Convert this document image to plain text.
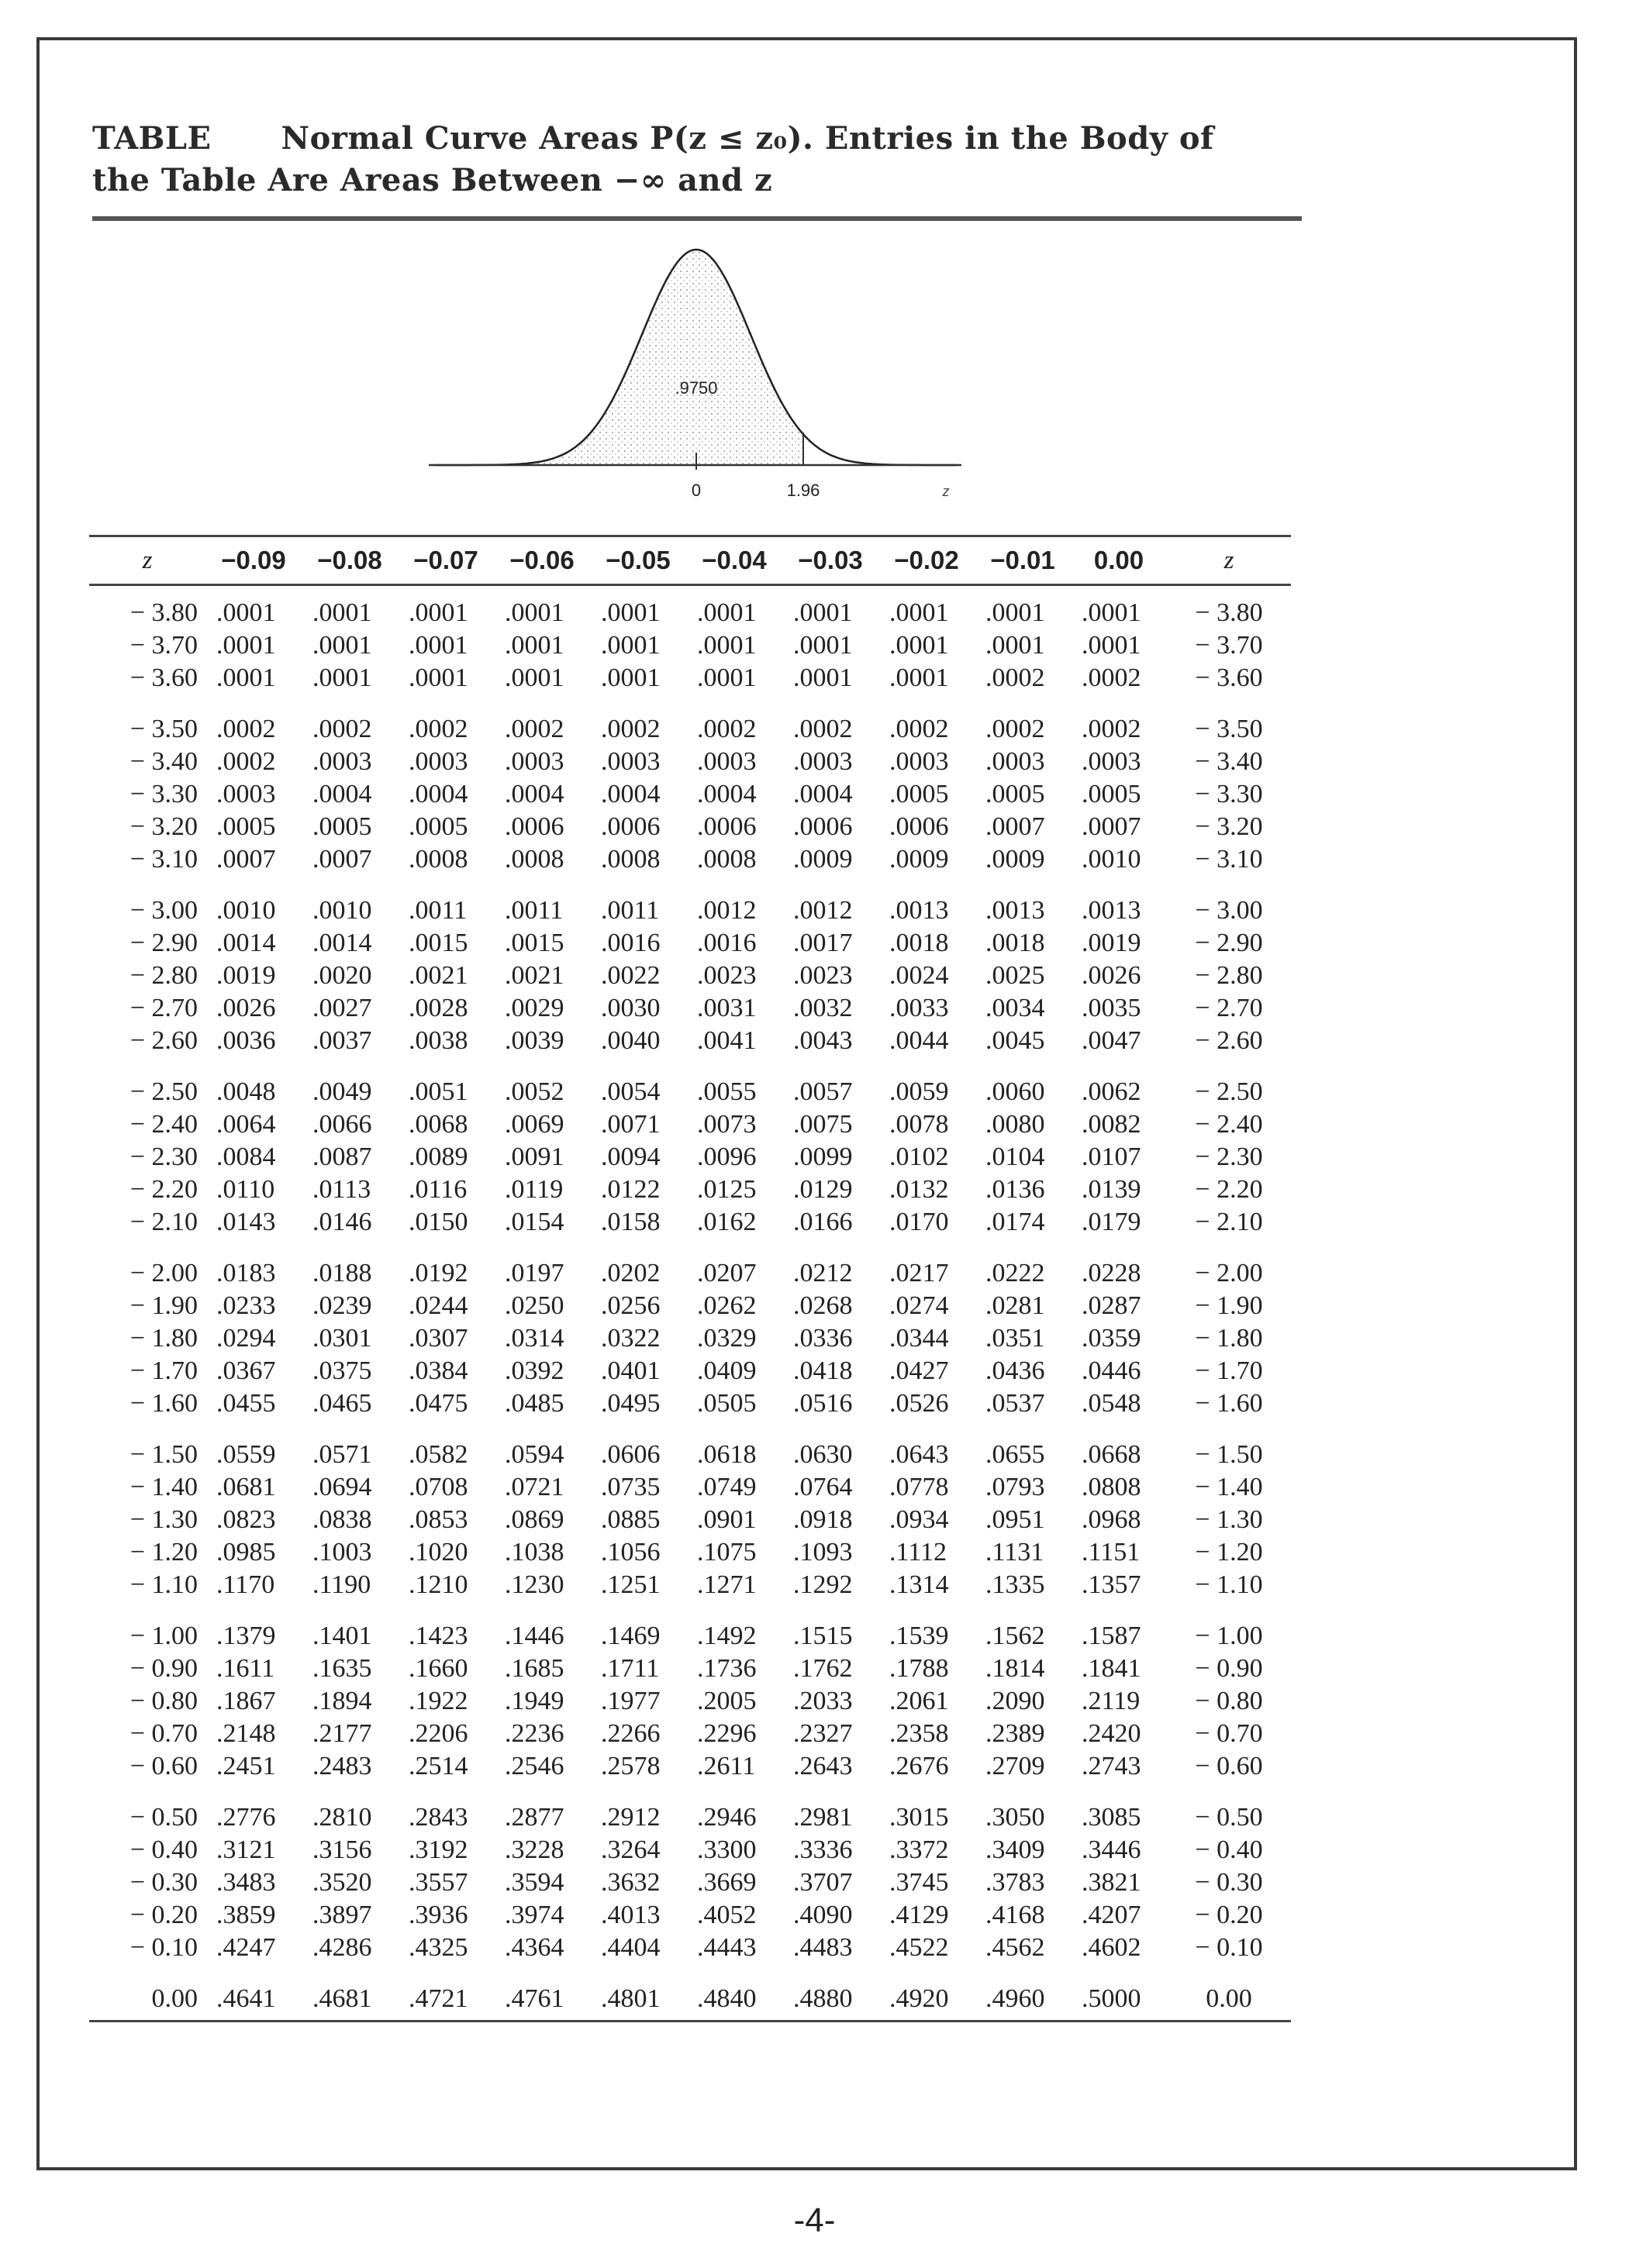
TABLE Normal Curve Areas P(z ≤ z₀). Entries in the Body of
the Table Are Areas Between −∞ and z
.9750
0	1.96	z
z	−0.09	−0.08	−0.07	−0.06	−0.05	−0.04	−0.03	−0.02	−0.01	0.00	z
− 3.80	.0001	.0001	.0001	.0001	.0001	.0001	.0001	.0001	.0001	.0001	− 3.80
− 3.70	.0001	.0001	.0001	.0001	.0001	.0001	.0001	.0001	.0001	.0001	− 3.70
− 3.60	.0001	.0001	.0001	.0001	.0001	.0001	.0001	.0001	.0002	.0002	− 3.60
− 3.50	.0002	.0002	.0002	.0002	.0002	.0002	.0002	.0002	.0002	.0002	− 3.50
− 3.40	.0002	.0003	.0003	.0003	.0003	.0003	.0003	.0003	.0003	.0003	− 3.40
− 3.30	.0003	.0004	.0004	.0004	.0004	.0004	.0004	.0005	.0005	.0005	− 3.30
− 3.20	.0005	.0005	.0005	.0006	.0006	.0006	.0006	.0006	.0007	.0007	− 3.20
− 3.10	.0007	.0007	.0008	.0008	.0008	.0008	.0009	.0009	.0009	.0010	− 3.10
− 3.00	.0010	.0010	.0011	.0011	.0011	.0012	.0012	.0013	.0013	.0013	− 3.00
− 2.90	.0014	.0014	.0015	.0015	.0016	.0016	.0017	.0018	.0018	.0019	− 2.90
− 2.80	.0019	.0020	.0021	.0021	.0022	.0023	.0023	.0024	.0025	.0026	− 2.80
− 2.70	.0026	.0027	.0028	.0029	.0030	.0031	.0032	.0033	.0034	.0035	− 2.70
− 2.60	.0036	.0037	.0038	.0039	.0040	.0041	.0043	.0044	.0045	.0047	− 2.60
− 2.50	.0048	.0049	.0051	.0052	.0054	.0055	.0057	.0059	.0060	.0062	− 2.50
− 2.40	.0064	.0066	.0068	.0069	.0071	.0073	.0075	.0078	.0080	.0082	− 2.40
− 2.30	.0084	.0087	.0089	.0091	.0094	.0096	.0099	.0102	.0104	.0107	− 2.30
− 2.20	.0110	.0113	.0116	.0119	.0122	.0125	.0129	.0132	.0136	.0139	− 2.20
− 2.10	.0143	.0146	.0150	.0154	.0158	.0162	.0166	.0170	.0174	.0179	− 2.10
− 2.00	.0183	.0188	.0192	.0197	.0202	.0207	.0212	.0217	.0222	.0228	− 2.00
− 1.90	.0233	.0239	.0244	.0250	.0256	.0262	.0268	.0274	.0281	.0287	− 1.90
− 1.80	.0294	.0301	.0307	.0314	.0322	.0329	.0336	.0344	.0351	.0359	− 1.80
− 1.70	.0367	.0375	.0384	.0392	.0401	.0409	.0418	.0427	.0436	.0446	− 1.70
− 1.60	.0455	.0465	.0475	.0485	.0495	.0505	.0516	.0526	.0537	.0548	− 1.60
− 1.50	.0559	.0571	.0582	.0594	.0606	.0618	.0630	.0643	.0655	.0668	− 1.50
− 1.40	.0681	.0694	.0708	.0721	.0735	.0749	.0764	.0778	.0793	.0808	− 1.40
− 1.30	.0823	.0838	.0853	.0869	.0885	.0901	.0918	.0934	.0951	.0968	− 1.30
− 1.20	.0985	.1003	.1020	.1038	.1056	.1075	.1093	.1112	.1131	.1151	− 1.20
− 1.10	.1170	.1190	.1210	.1230	.1251	.1271	.1292	.1314	.1335	.1357	− 1.10
− 1.00	.1379	.1401	.1423	.1446	.1469	.1492	.1515	.1539	.1562	.1587	− 1.00
− 0.90	.1611	.1635	.1660	.1685	.1711	.1736	.1762	.1788	.1814	.1841	− 0.90
− 0.80	.1867	.1894	.1922	.1949	.1977	.2005	.2033	.2061	.2090	.2119	− 0.80
− 0.70	.2148	.2177	.2206	.2236	.2266	.2296	.2327	.2358	.2389	.2420	− 0.70
− 0.60	.2451	.2483	.2514	.2546	.2578	.2611	.2643	.2676	.2709	.2743	− 0.60
− 0.50	.2776	.2810	.2843	.2877	.2912	.2946	.2981	.3015	.3050	.3085	− 0.50
− 0.40	.3121	.3156	.3192	.3228	.3264	.3300	.3336	.3372	.3409	.3446	− 0.40
− 0.30	.3483	.3520	.3557	.3594	.3632	.3669	.3707	.3745	.3783	.3821	− 0.30
− 0.20	.3859	.3897	.3936	.3974	.4013	.4052	.4090	.4129	.4168	.4207	− 0.20
− 0.10	.4247	.4286	.4325	.4364	.4404	.4443	.4483	.4522	.4562	.4602	− 0.10
0.00	.4641	.4681	.4721	.4761	.4801	.4840	.4880	.4920	.4960	.5000	0.00
-4-
